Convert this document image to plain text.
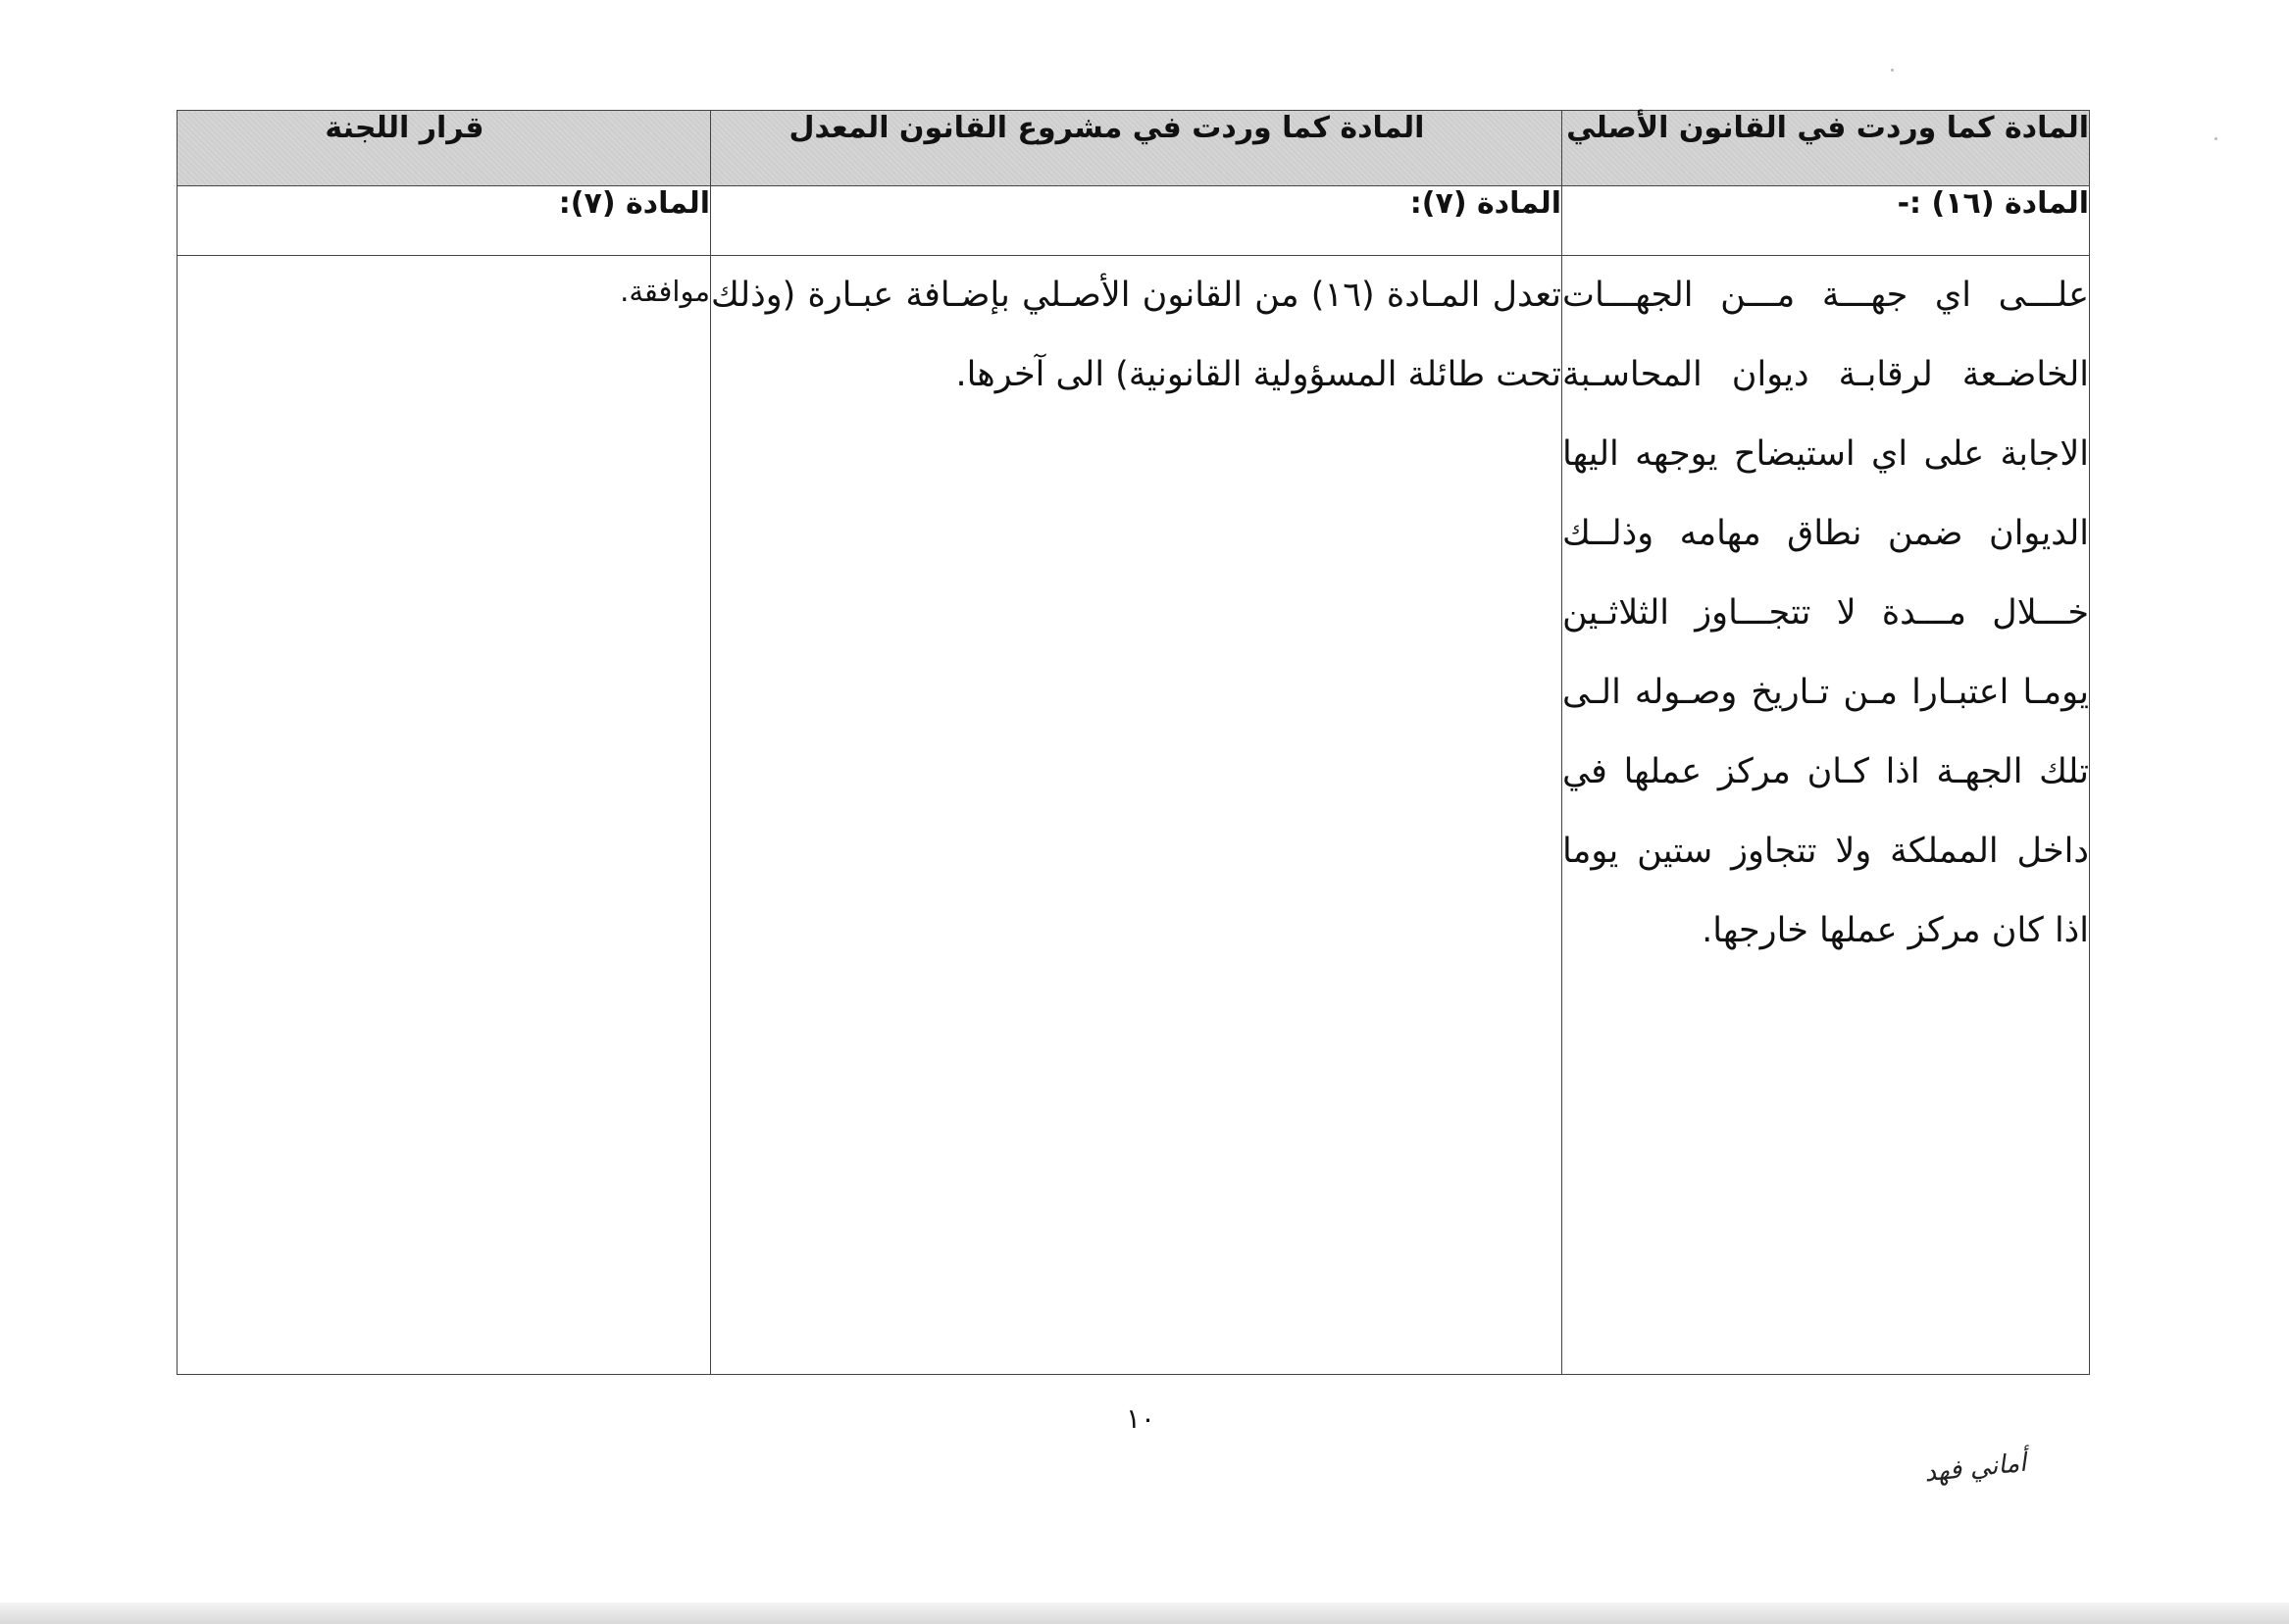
المادة كما وردت في القانون الأصلي	المادة كما وردت في مشروع القانون المعدل	قرار اللجنة
المادة (١٦) :-	المادة (٧):	المادة (٧):
علـــى اي جهـــة مـــن الجهـــات الخاضـعة لرقابـة ديوان المحاسـبة الاجابة على اي استيضاح يوجهه اليها الديوان ضمن نطاق مهامه وذلــك خـــلال مـــدة لا تتجـــاوز الثلاثـين يومـا اعتبـارا مـن تـاريخ وصـوله الـى تلك الجهـة اذا كـان مركز عملها في داخل المملكة ولا تتجاوز ستين يوما اذا كان مركز عملها خارجها.	تعدل المـادة (١٦) من القانون الأصـلي بإضـافة عبـارة (وذلك تحت طائلة المسؤولية القانونية) الى آخرها.	موافقة.
١٠
أماني فهد
